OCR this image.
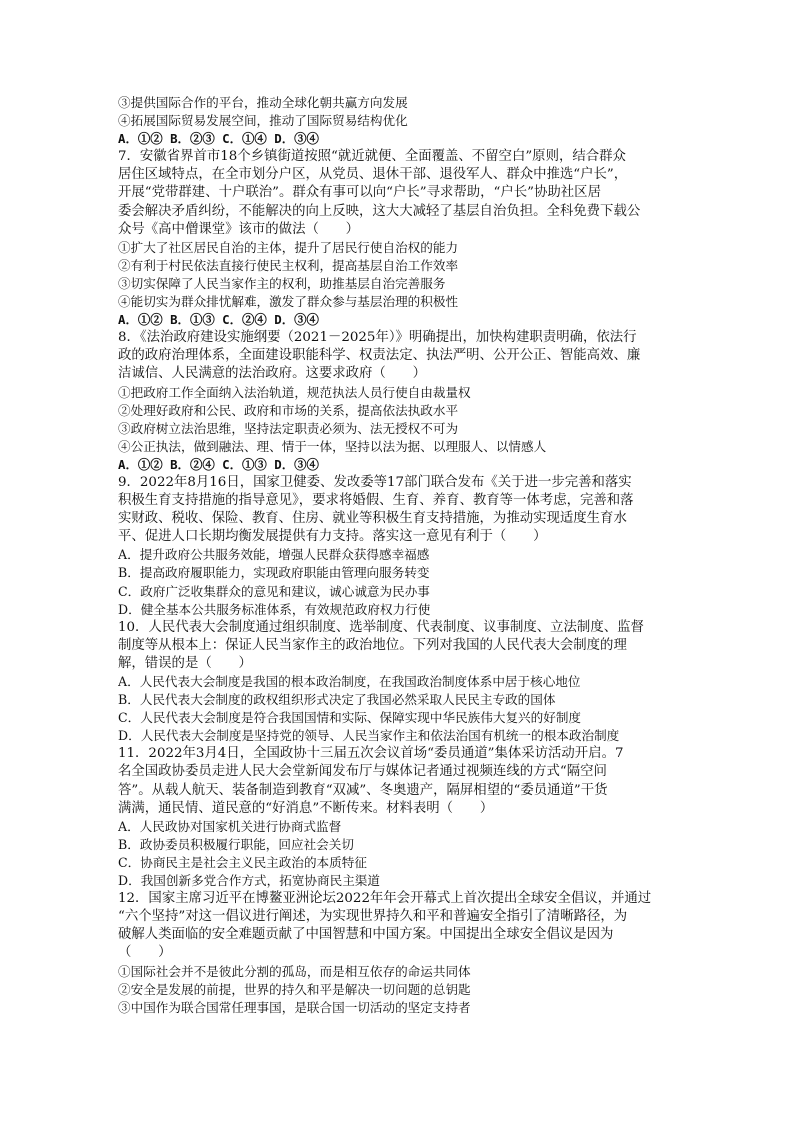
③提供国际合作的平台，推动全球化朝共赢方向发展
④拓展国际贸易发展空间，推动了国际贸易结构优化
A．①② B．②③ C．①④ D．③④
7．安徽省界首市18个乡镇街道按照“就近就便、全面覆盖、不留空白”原则，结合群众
居住区域特点，在全市划分户区，从党员、退休干部、退役军人、群众中推选“户长”，
开展“党带群建、十户联治”。群众有事可以向“户长”寻求帮助，“户长”协助社区居
委会解决矛盾纠纷，不能解决的向上反映，这大大减轻了基层自治负担。全科免费下载公
众号《高中僧课堂》该市的做法（　　）
①扩大了社区居民自治的主体，提升了居民行使自治权的能力
②有利于村民依法直接行使民主权利，提高基层自治工作效率
③切实保障了人民当家作主的权利，助推基层自治完善服务
④能切实为群众排忧解难，激发了群众参与基层治理的积极性
A．①② B．①③ C．②④ D．③④
8．《法治政府建设实施纲要（2021－2025年）》明确提出，加快构建职责明确，依法行
政的政府治理体系，全面建设职能科学、权责法定、执法严明、公开公正、智能高效、廉
洁诚信、人民满意的法治政府。这要求政府（　　）
①把政府工作全面纳入法治轨道，规范执法人员行使自由裁量权
②处理好政府和公民、政府和市场的关系，提高依法执政水平
③政府树立法治思维，坚持法定职责必须为、法无授权不可为
④公正执法，做到融法、理、情于一体，坚持以法为据、以理服人、以情感人
A．①② B．②④ C．①③ D．③④
9．2022年8月16日，国家卫健委、发改委等17部门联合发布《关于进一步完善和落实
积极生育支持措施的指导意见》，要求将婚假、生育、养育、教育等一体考虑，完善和落
实财政、税收、保险、教育、住房、就业等积极生育支持措施，为推动实现适度生育水
平、促进人口长期均衡发展提供有力支持。落实这一意见有利于（　　）
A．提升政府公共服务效能，增强人民群众获得感幸福感
B．提高政府履职能力，实现政府职能由管理向服务转变
C．政府广泛收集群众的意见和建议，诚心诚意为民办事
D．健全基本公共服务标准体系，有效规范政府权力行使
10．人民代表大会制度通过组织制度、选举制度、代表制度、议事制度、立法制度、监督
制度等从根本上：保证人民当家作主的政治地位。下列对我国的人民代表大会制度的理
解，错误的是（　　）
A．人民代表大会制度是我国的根本政治制度，在我国政治制度体系中居于核心地位
B．人民代表大会制度的政权组织形式决定了我国必然采取人民民主专政的国体
C．人民代表大会制度是符合我国国情和实际、保障实现中华民族伟大复兴的好制度
D．人民代表大会制度是坚持党的领导、人民当家作主和依法治国有机统一的根本政治制度
11．2022年3月4日，全国政协十三届五次会议首场“委员通道”集体采访活动开启。7
名全国政协委员走进人民大会堂新闻发布厅与媒体记者通过视频连线的方式“隔空问
答”。从载人航天、装备制造到教育“双减”、冬奥遗产，隔屏相望的“委员通道”干货
满满，通民情、道民意的“好消息”不断传来。材料表明（　　）
A．人民政协对国家机关进行协商式监督
B．政协委员积极履行职能，回应社会关切
C．协商民主是社会主义民主政治的本质特征
D．我国创新多党合作方式，拓宽协商民主渠道
12．国家主席习近平在博鳌亚洲论坛2022年年会开幕式上首次提出全球安全倡议，并通过
“六个坚持”对这一倡议进行阐述，为实现世界持久和平和普遍安全指引了清晰路径，为
破解人类面临的安全难题贡献了中国智慧和中国方案。中国提出全球安全倡议是因为
（　　）
①国际社会并不是彼此分割的孤岛，而是相互依存的命运共同体
②安全是发展的前提，世界的持久和平是解决一切问题的总钥匙
③中国作为联合国常任理事国，是联合国一切活动的坚定支持者
